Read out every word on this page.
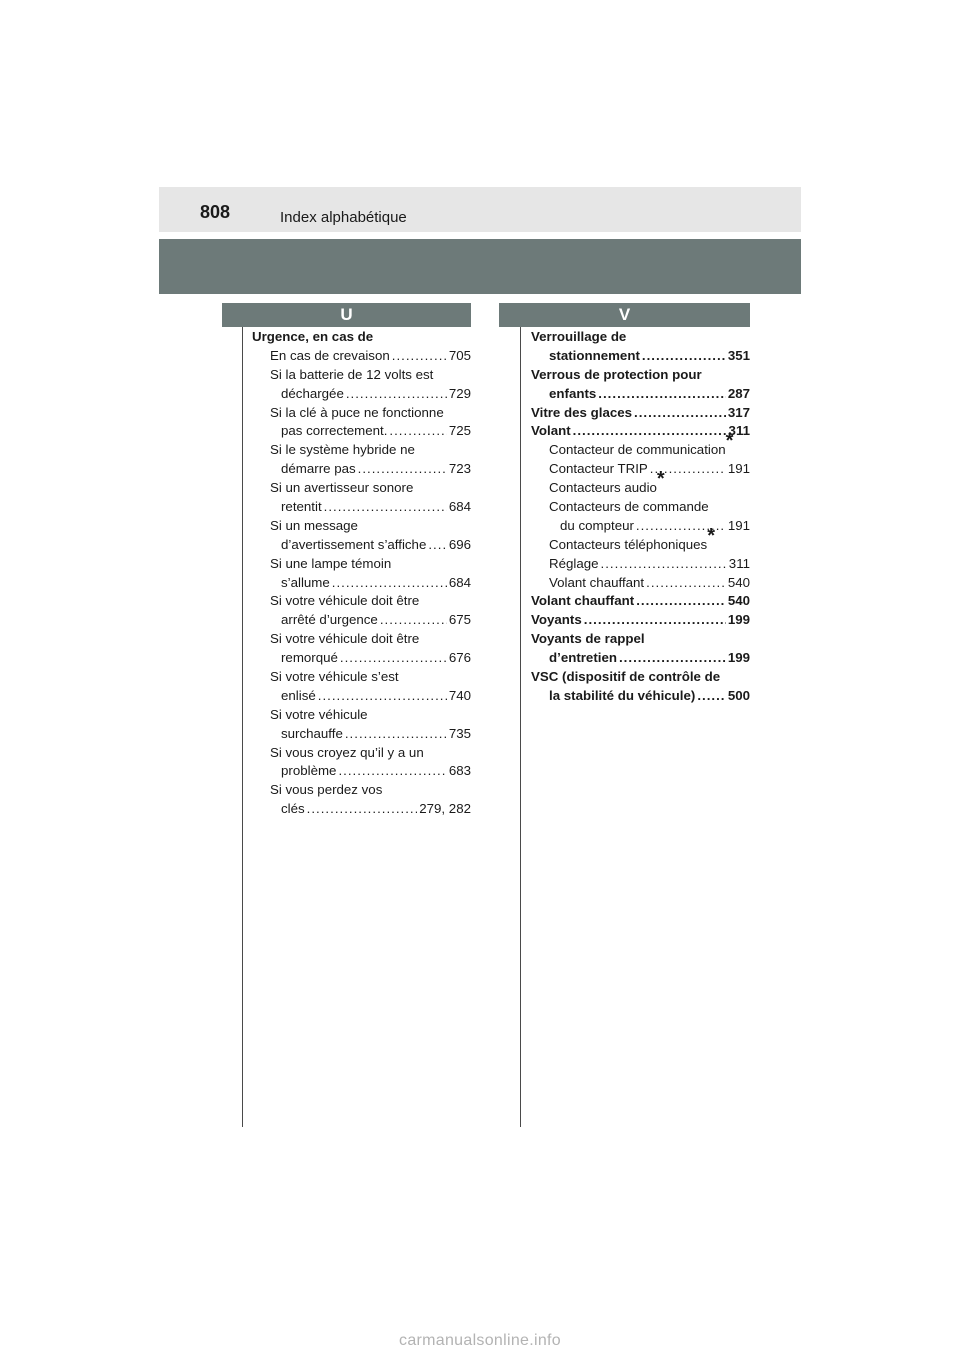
808	Index alphabétique
U	V
Urgence, en cas de
En cas de crevaison .....	705
Si la batterie de 12 volts est
déchargée .....	729
Si la clé à puce ne fonctionne
pas correctement. .....	725
Si le système hybride ne
démarre pas .....	723
Si un avertisseur sonore
retentit .....	684
Si un message
d’avertissement s’affiche ..... 696
Si une lampe témoin
s’allume .....	684
Si votre véhicule doit être
arrêté d’urgence .....	675
Si votre véhicule doit être
remorqué .....	676
Si votre véhicule s’est
enlisé .....	740
Si votre véhicule
surchauffe .....	735
Si vous croyez qu’il y a un
problème .....	683
Si vous perdez vos
clés .....	279, 282
Verrouillage de
stationnement .....	351
Verrous de protection pour
enfants .....	287
Vitre des glaces .....	317
Volant .....	311
Contacteur de communication *
Contacteur TRIP .....	191
Contacteurs audio *
Contacteurs de commande
du compteur .....	191
Contacteurs téléphoniques *
Réglage .....	311
Volant chauffant .....	540
Volant chauffant .....	540
Voyants .....	199
Voyants de rappel
d’entretien .....	199
VSC (dispositif de contrôle de
la stabilité du véhicule) ..... 500
carmanualsonline.info
